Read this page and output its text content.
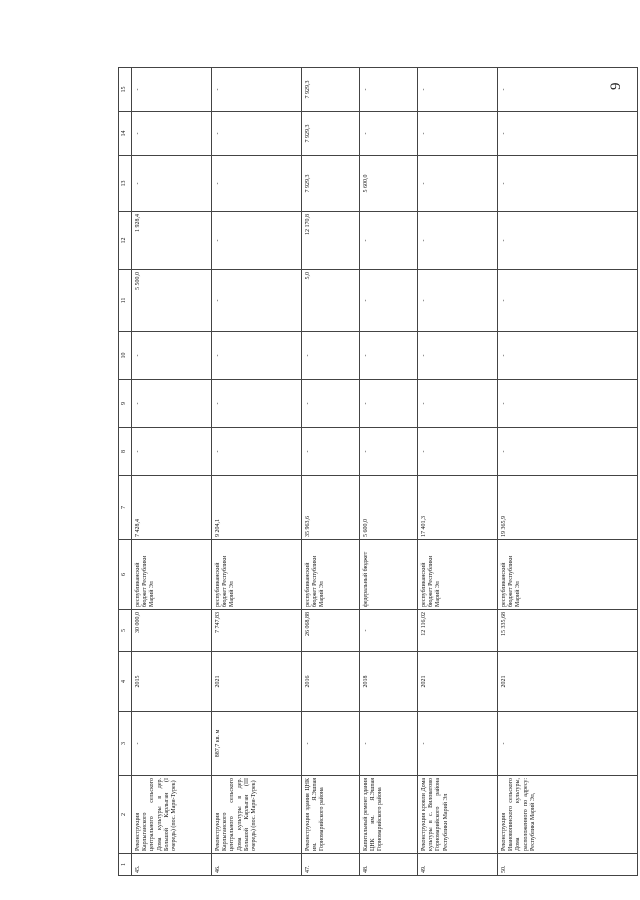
9
1	2	3	4	5	6	7	8	9	10	11	12	13	14	15
45.	Реконструкция Карлыганского центрального сельского Дома культуры в дер. Большой Карлыган (I очередь) (пос. Мари-Турек)	-	2015	30 000,0	республиканский бюджет Республики Марий Эл	7 428,4	-	-	-	5 500,0	1 928,4	-	-	-
46.	Реконструкция Карлыганского центрального сельского Дома культуры в дер. Большой Карлыган (III очередь) (пос. Мари-Турек)	887,7 кв. м	2021	7 747,83	республиканский бюджет Республики Марий Эл	9 204,1	-	-	-	-	-	-	-	-
47.	Реконструкция здания ЦНК им. Я.Эшпая Горномарийского района	-	2016	26 068,88	республиканский бюджет Республики Марий Эл	35 963,6	-	-	-	5,0	12 170,8	7 929,3	7 929,3	7 929,3
48.	Капитальный ремонт здания ЦНК им. Я.Эшпая Горномарийского района	-	2018	-	федеральный бюджет	5 600,0	-	-	-	-	-	5 600,0	-	-
49.	Реконструкция кровли Дома культуры в с. Виловатово Горномарийского района Республики Марий Эл	-	2021	12 116,02	республиканский бюджет Республики Марий Эл	17 401,3	-	-	-	-	-	-	-	-
50.	Реконструкция Ивановопинского сельского Дома культуры, расположенного по адресу: Республика Марий Эл,	-	2021	15 335,68	республиканский бюджет Республики Марий Эл	19 365,9	-	-	-	-	-	-	-	-
